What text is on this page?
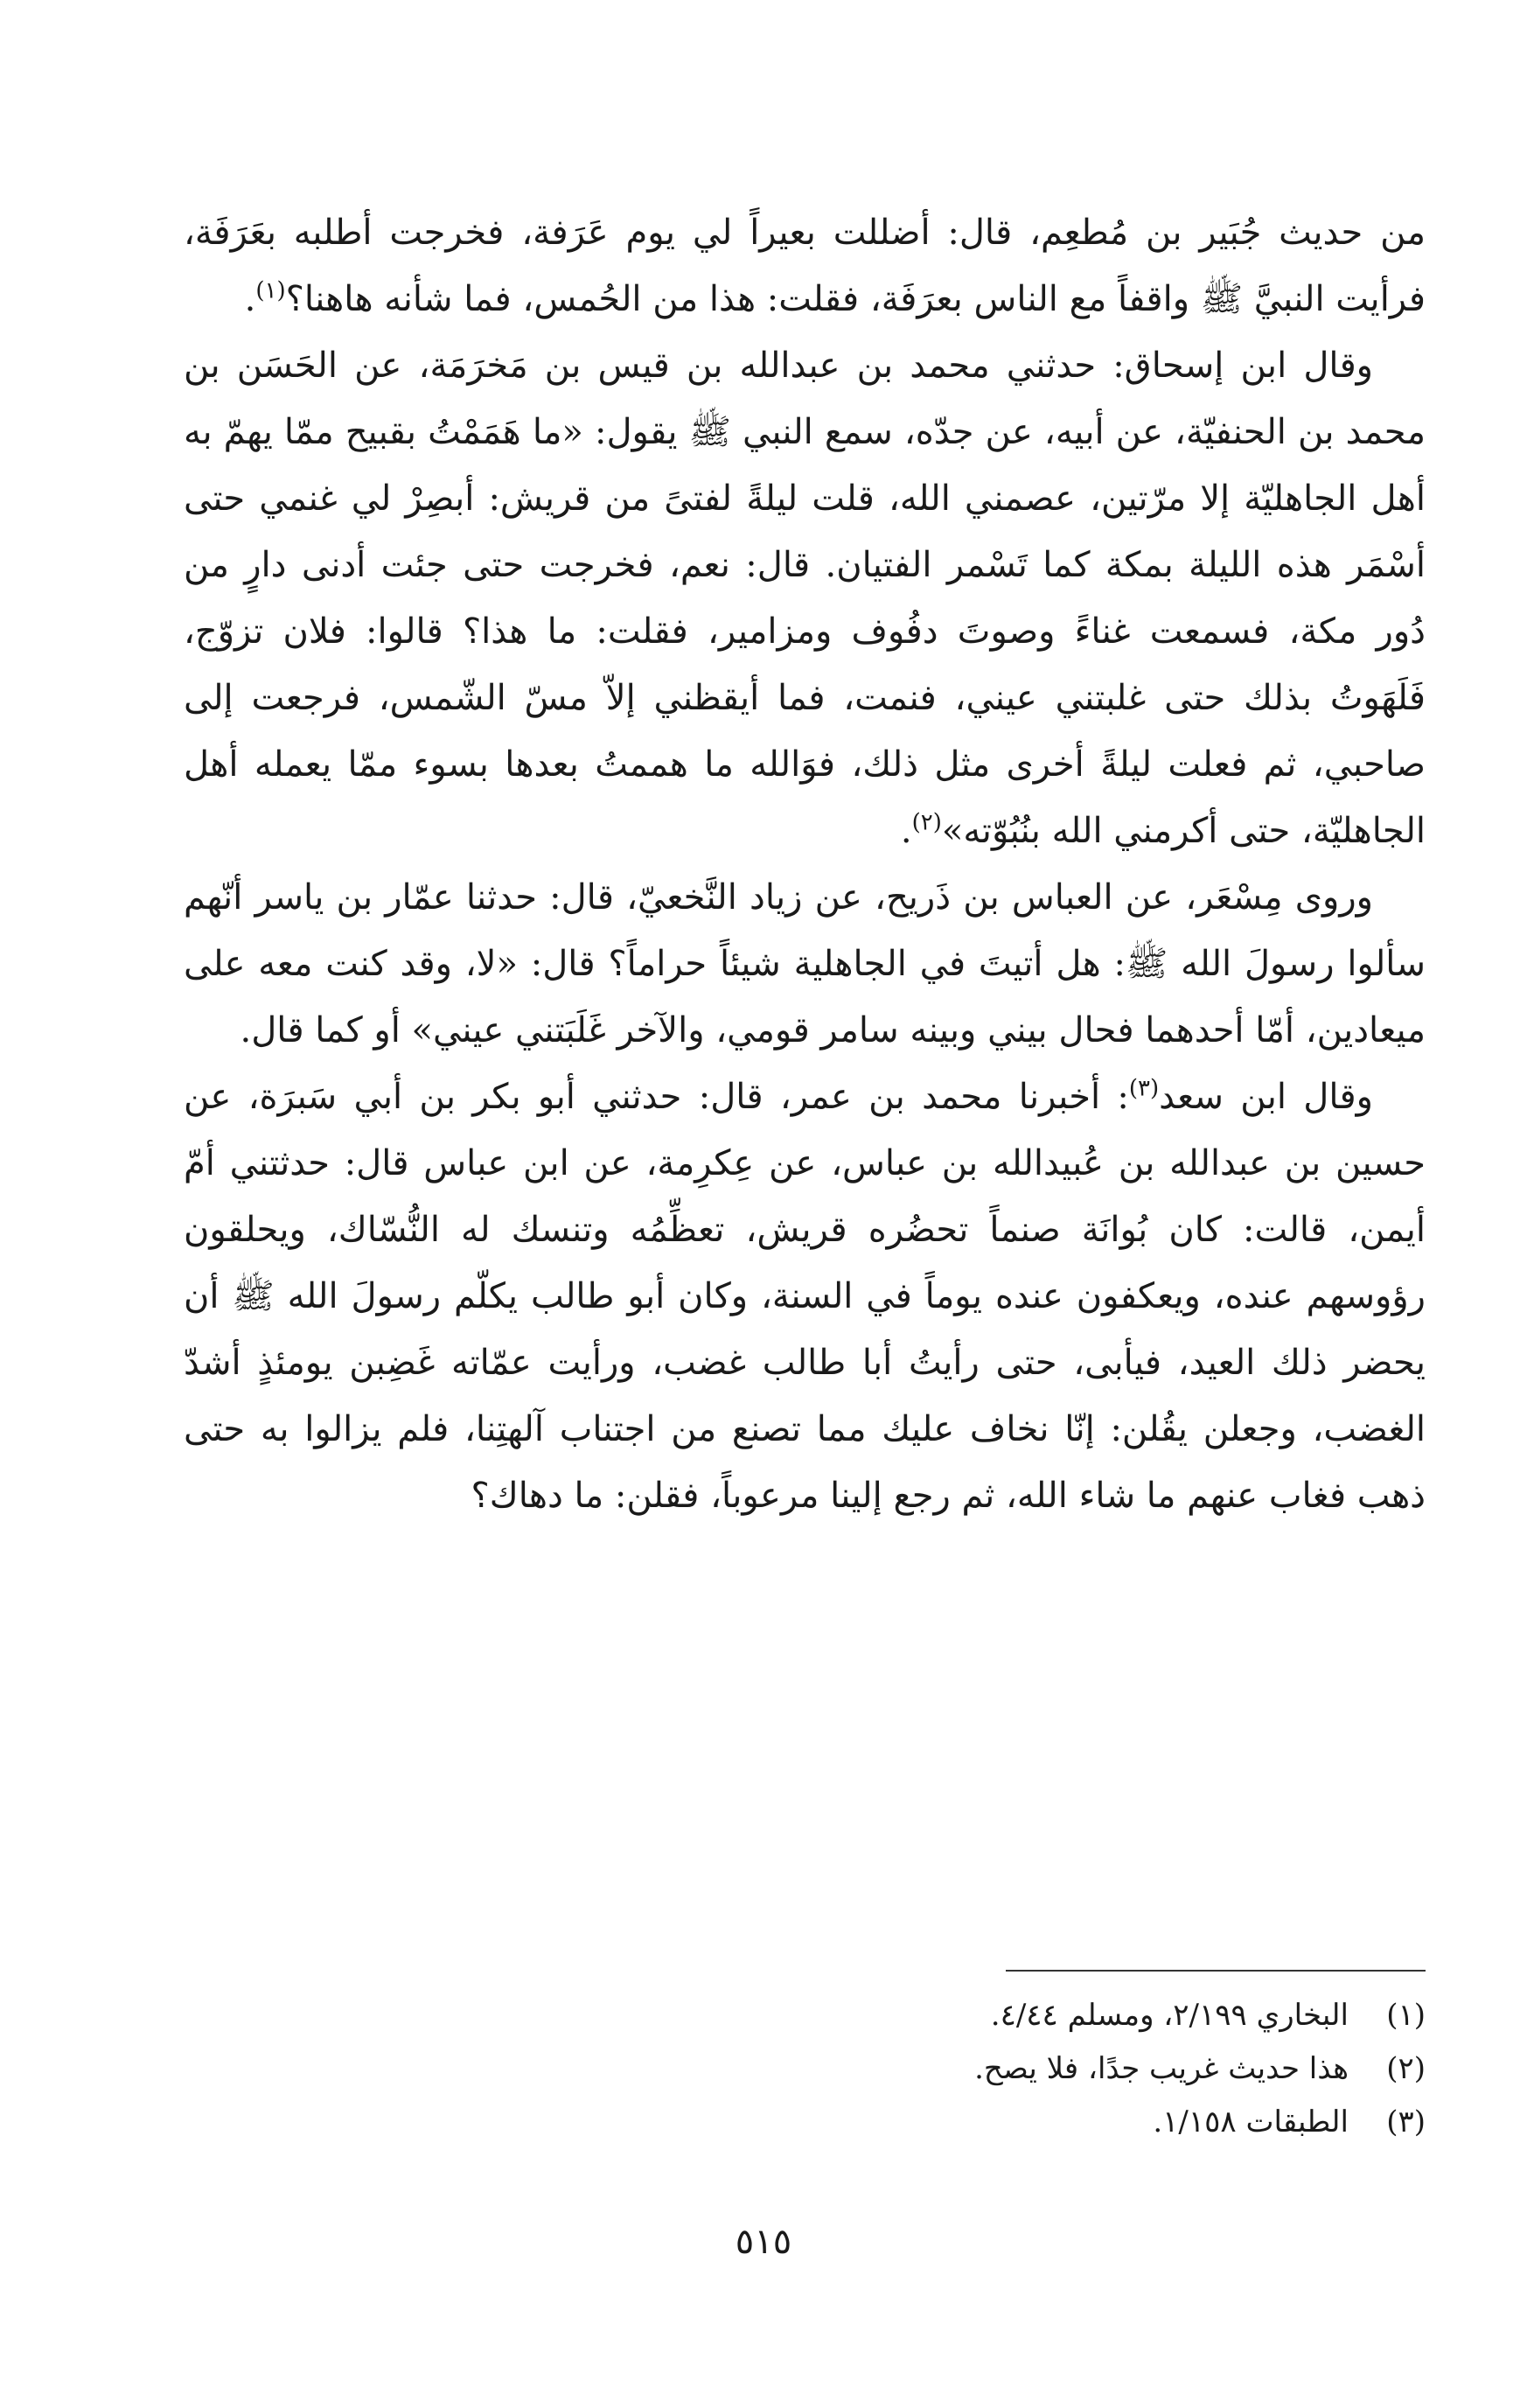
من حديث جُبَير بن مُطعِم، قال: أضللت بعيراً لي يوم عَرَفة، فخرجت أطلبه بعَرَفَة، فرأيت النبيَّ ﷺ واقفاً مع الناس بعرَفَة، فقلت: هذا من الحُمس، فما شأنه هاهنا؟$^{(١)}$.

وقال ابن إسحاق: حدثني محمد بن عبدالله بن قيس بن مَخرَمَة، عن الحَسَن بن محمد بن الحنفيّة، عن أبيه، عن جدّه، سمع النبي ﷺ يقول: «ما هَمَمْتُ بقبيح ممّا يهمّ به أهل الجاهليّة إلا مرّتين، عصمني الله، قلت ليلةً لفتىً من قريش: أبصِرْ لي غنمي حتى أسْمَر هذه الليلة بمكة كما تَسْمر الفتيان. قال: نعم، فخرجت حتى جئت أدنى دارٍ من دُور مكة، فسمعت غناءً وصوتَ دفُوف ومزامير، فقلت: ما هذا؟ قالوا: فلان تزوّج، فَلَهَوتُ بذلك حتى غلبتني عيني، فنمت، فما أيقظني إلاّ مسّ الشّمس، فرجعت إلى صاحبي، ثم فعلت ليلةً أخرى مثل ذلك، فوَالله ما هممتُ بعدها بسوء ممّا يعمله أهل الجاهليّة، حتى أكرمني الله بنُبُوّته»$^{(٢)}$.

وروى مِسْعَر، عن العباس بن ذَريح، عن زياد النَّخعيّ، قال: حدثنا عمّار بن ياسر أنّهم سألوا رسولَ الله ﷺ: هل أتيتَ في الجاهلية شيئاً حراماً؟ قال: «لا، وقد كنت معه على ميعادين، أمّا أحدهما فحال بيني وبينه سامر قومي، والآخر غَلَبَتني عيني» أو كما قال.

وقال ابن سعد$^{(٣)}$: أخبرنا محمد بن عمر، قال: حدثني أبو بكر بن أبي سَبرَة، عن حسين بن عبدالله بن عُبيدالله بن عباس، عن عِكرِمة، عن ابن عباس قال: حدثتني أمّ أيمن، قالت: كان بُوانَة صنماً تحضُره قريش، تعظِّمُه وتنسك له النُّسّاك، ويحلقون رؤوسهم عنده، ويعكفون عنده يوماً في السنة، وكان أبو طالب يكلّم رسولَ الله ﷺ أن يحضر ذلك العيد، فيأبى، حتى رأيتُ أبا طالب غضب، ورأيت عمّاته غَضِبن يومئذٍ أشدّ الغضب، وجعلن يقُلن: إنّا نخاف عليك مما تصنع من اجتناب آلهتِنا، فلم يزالوا به حتى ذهب فغاب عنهم ما شاء الله، ثم رجع إلينا مرعوباً، فقلن: ما دهاك؟

(١)
البخاري ٢/١٩٩، ومسلم ٤/٤٤.
(٢)
هذا حديث غريب جدًا، فلا يصح.
(٣)
الطبقات ١/١٥٨.
٥١٥
